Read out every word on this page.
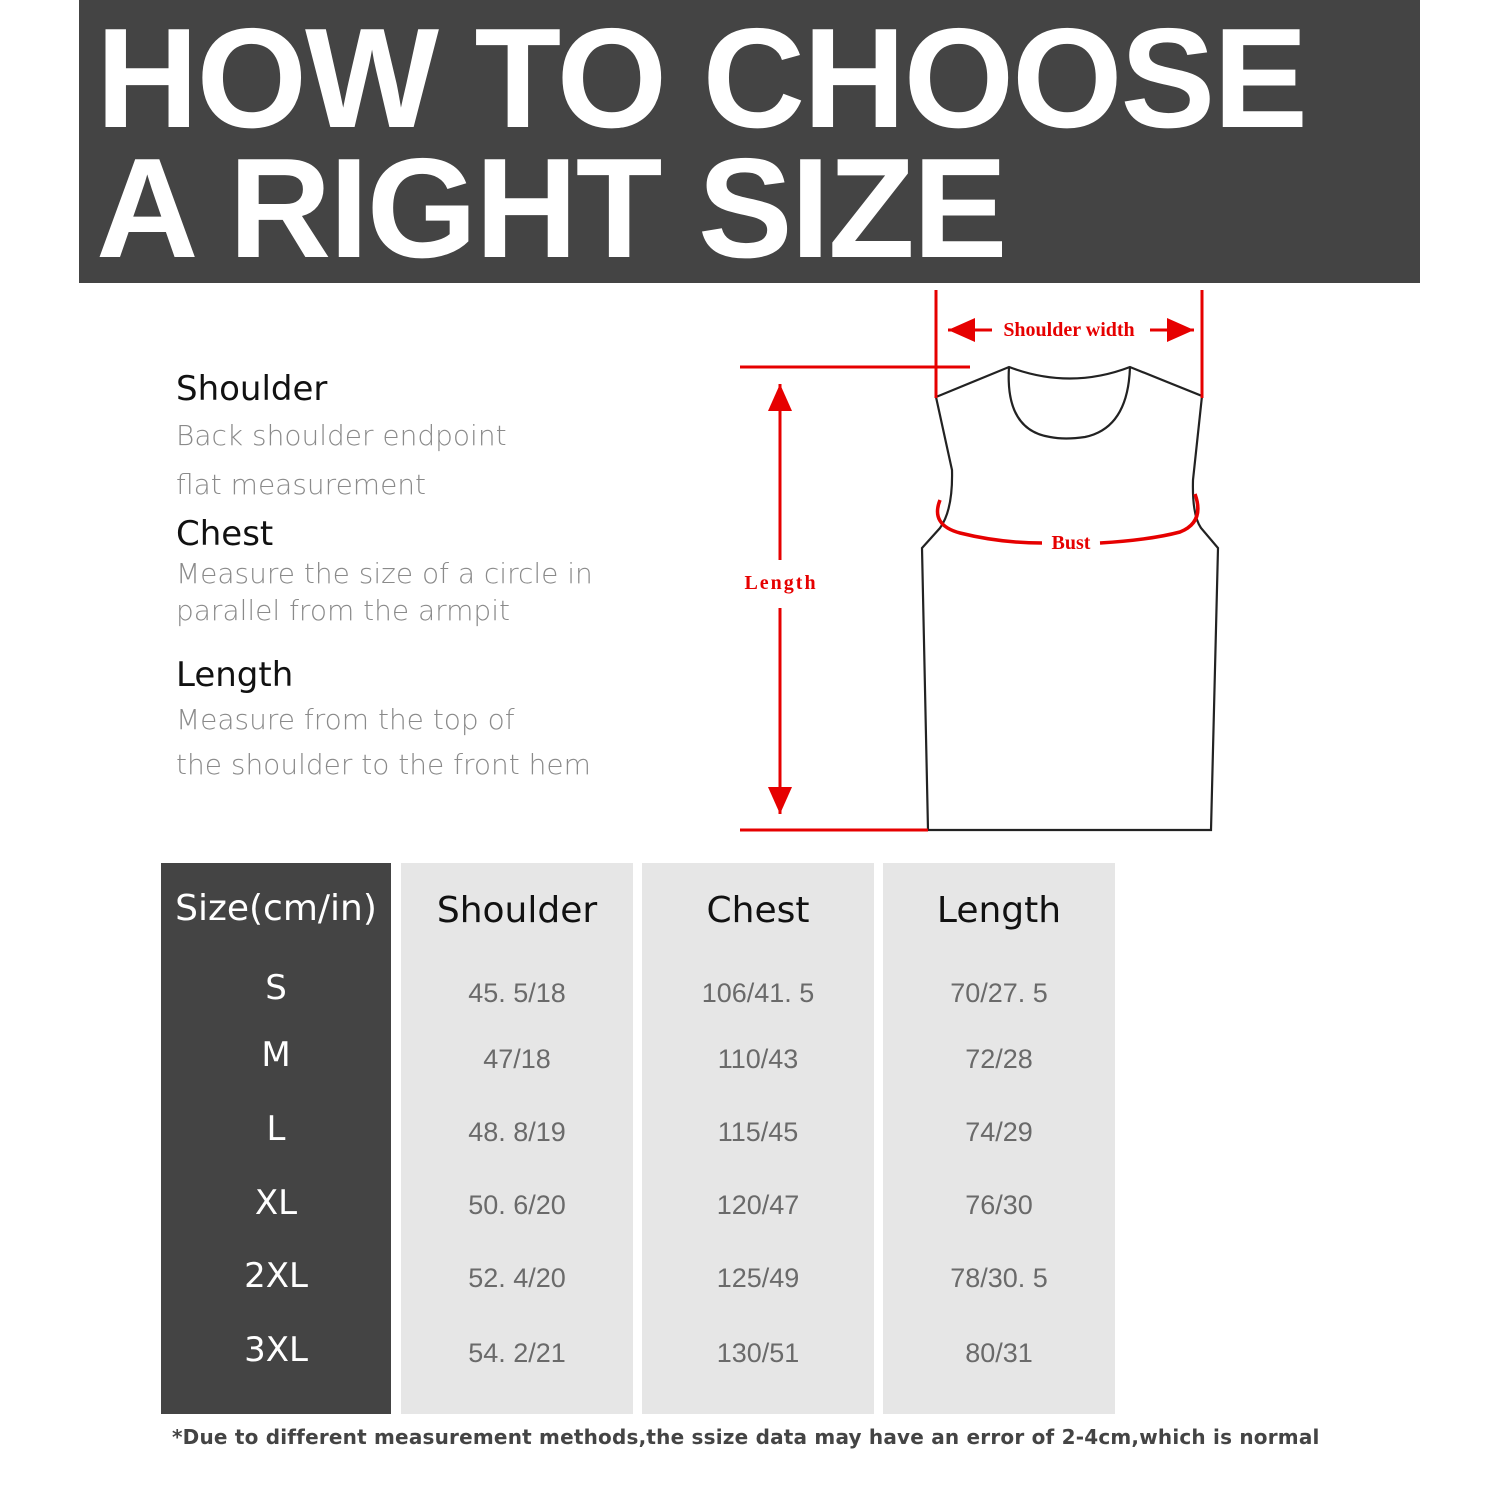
HOW TO CHOOSE
A RIGHT SIZE
Shoulder
Back shoulder endpoint
flat measurement
Chest
Measure the size of a circle in
parallel from the armpit
Length
Measure from the top of
the shoulder to the front hem
Shoulder width
Bust
Length
Size(cm/in)
S
M
L
XL
2XL
3XL
Shoulder
45. 5/18
47/18
48. 8/19
50. 6/20
52. 4/20
54. 2/21
Chest
106/41. 5
110/43
115/45
120/47
125/49
130/51
Length
70/27. 5
72/28
74/29
76/30
78/30. 5
80/31
*Due to different measurement methods,the ssize data may have an error of 2-4cm,which is normal
